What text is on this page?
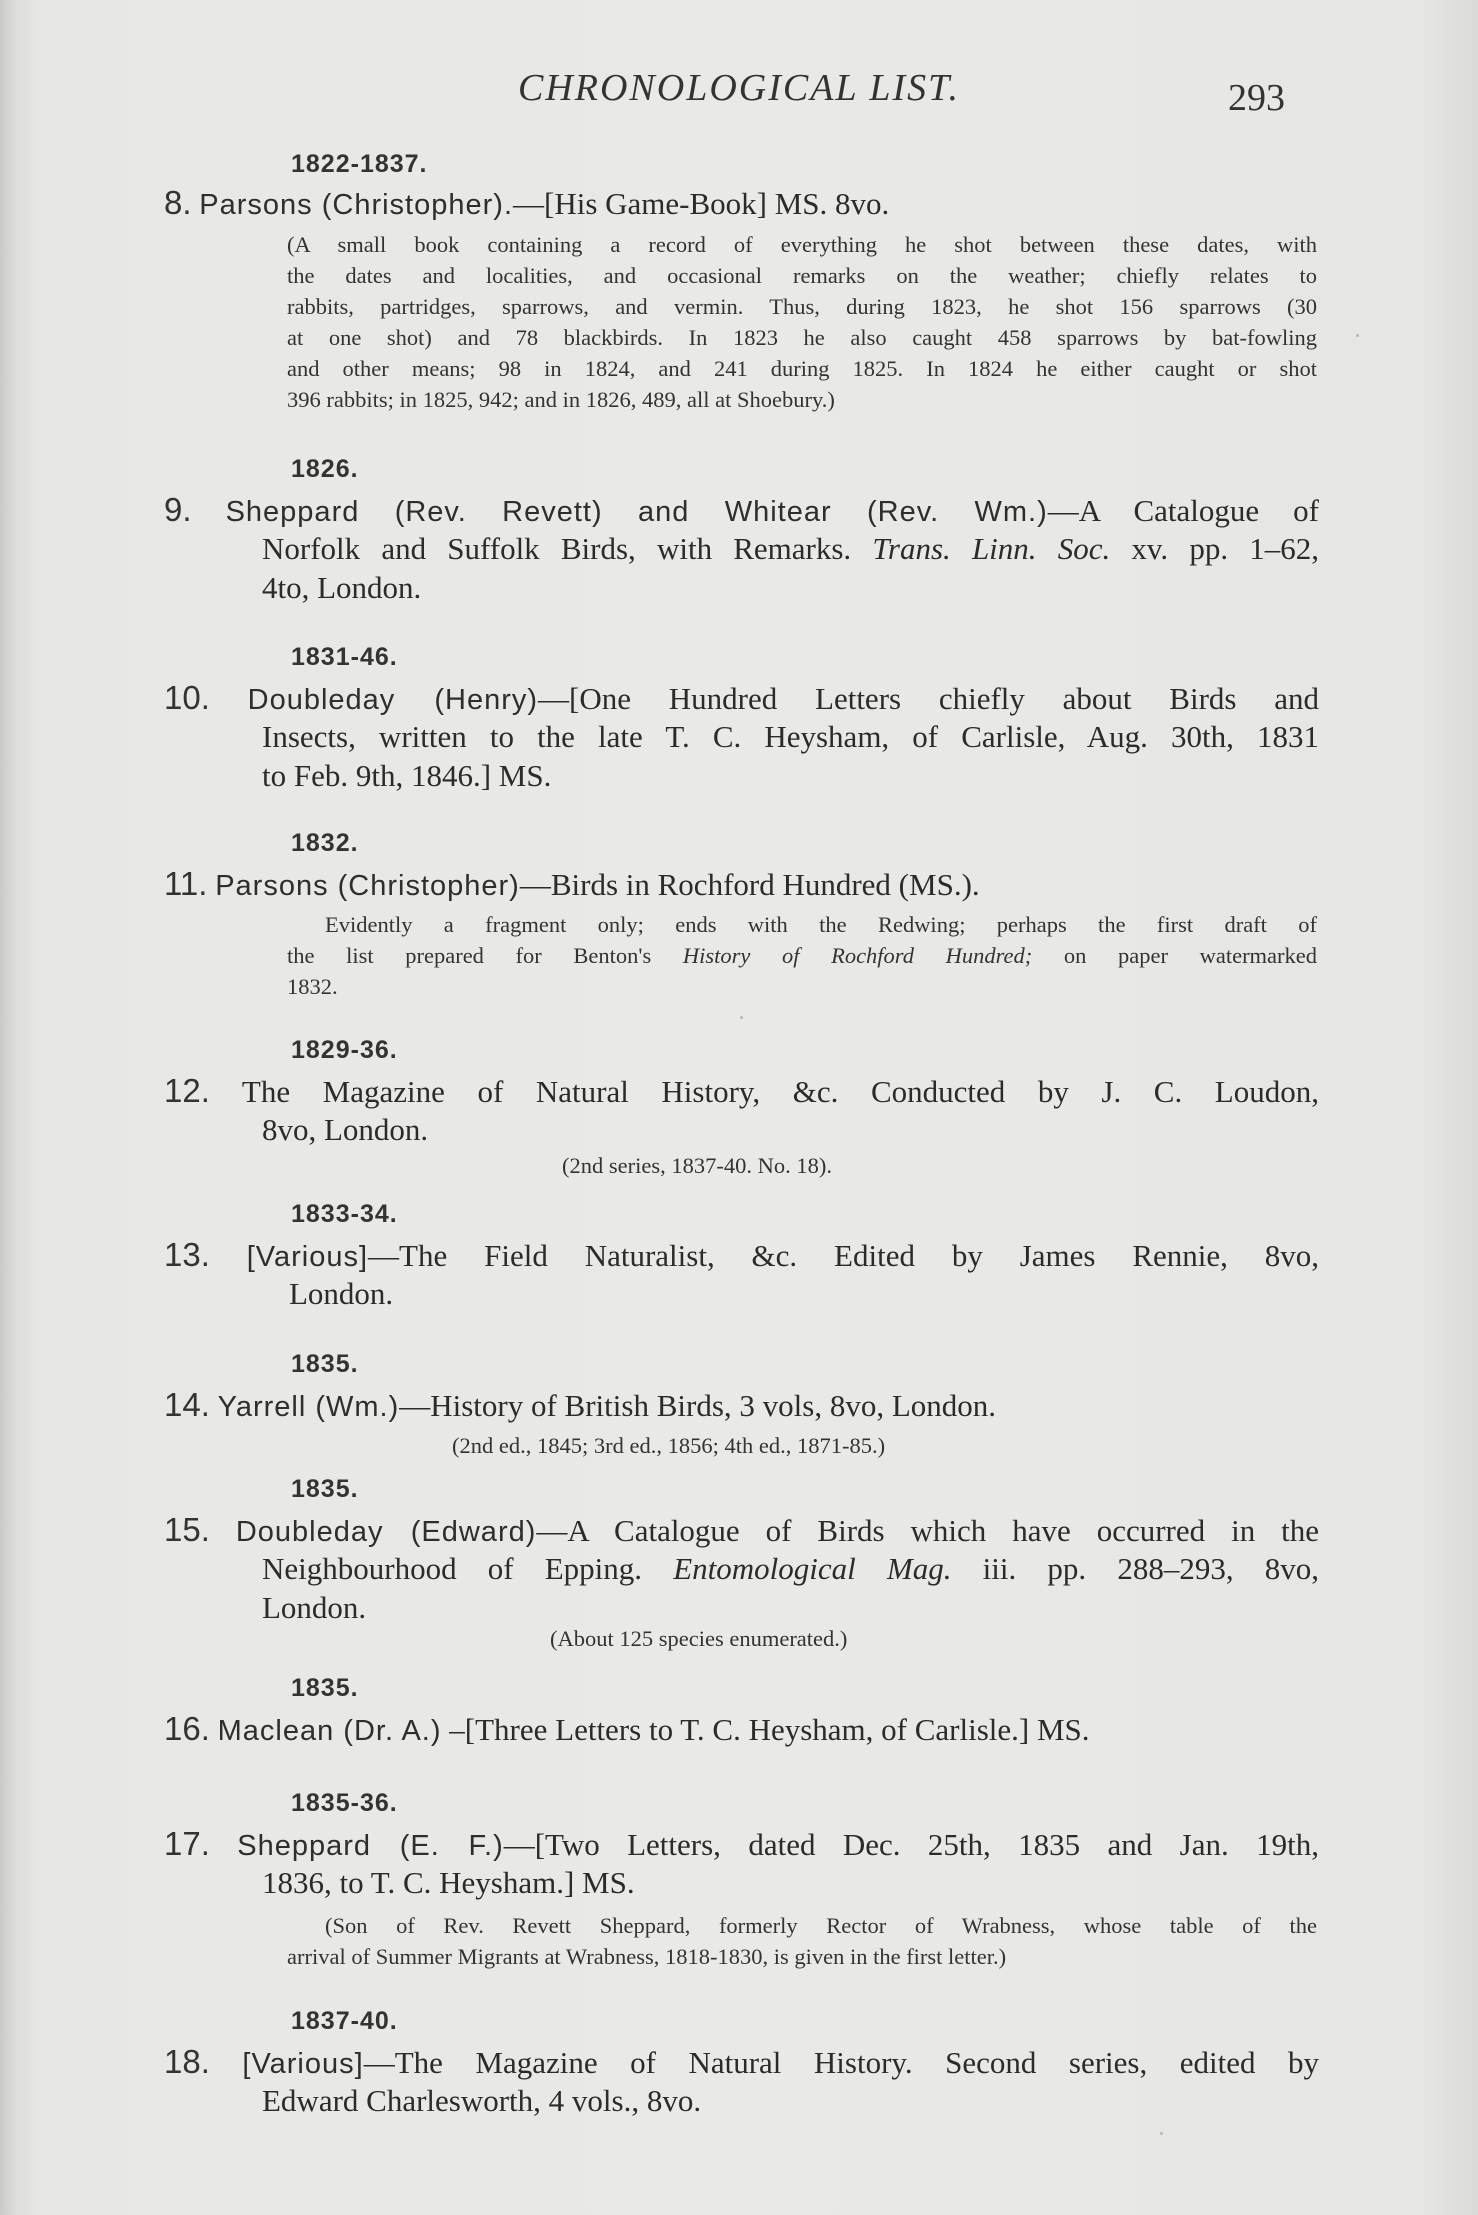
CHRONOLOGICAL LIST.	293
1822-1837.
8. Parsons (Christopher).—[His Game-Book] MS. 8vo.
(A small book containing a record of everything he shot between these dates, with
the dates and localities, and occasional remarks on the weather; chiefly relates to
rabbits, partridges, sparrows, and vermin. Thus, during 1823, he shot 156 sparrows (30
at one shot) and 78 blackbirds. In 1823 he also caught 458 sparrows by bat-fowling
and other means; 98 in 1824, and 241 during 1825. In 1824 he either caught or shot
396 rabbits; in 1825, 942; and in 1826, 489, all at Shoebury.)
1826.
9. Sheppard (Rev. Revett) and Whitear (Rev. Wm.)—A Catalogue of
Norfolk and Suffolk Birds, with Remarks. Trans. Linn. Soc. xv. pp. 1–62,
4to, London.
1831-46.
10. Doubleday (Henry)—[One Hundred Letters chiefly about Birds and
Insects, written to the late T. C. Heysham, of Carlisle, Aug. 30th, 1831
to Feb. 9th, 1846.] MS.
1832.
11. Parsons (Christopher)—Birds in Rochford Hundred (MS.).
Evidently a fragment only; ends with the Redwing; perhaps the first draft of
the list prepared for Benton's History of Rochford Hundred; on paper watermarked
1832.
1829-36.
12. The Magazine of Natural History, &c. Conducted by J. C. Loudon,
8vo, London.
(2nd series, 1837-40. No. 18).
1833-34.
13. [Various]—The Field Naturalist, &c. Edited by James Rennie, 8vo,
London.
1835.
14. Yarrell (Wm.)—History of British Birds, 3 vols, 8vo, London.
(2nd ed., 1845; 3rd ed., 1856; 4th ed., 1871-85.)
1835.
15. Doubleday (Edward)—A Catalogue of Birds which have occurred in the
Neighbourhood of Epping. Entomological Mag. iii. pp. 288–293, 8vo,
London.
(About 125 species enumerated.)
1835.
16. Maclean (Dr. A.) –[Three Letters to T. C. Heysham, of Carlisle.] MS.
1835-36.
17. Sheppard (E. F.)—[Two Letters, dated Dec. 25th, 1835 and Jan. 19th,
1836, to T. C. Heysham.] MS.
(Son of Rev. Revett Sheppard, formerly Rector of Wrabness, whose table of the
arrival of Summer Migrants at Wrabness, 1818-1830, is given in the first letter.)
1837-40.
18. [Various]—The Magazine of Natural History. Second series, edited by
Edward Charlesworth, 4 vols., 8vo.
